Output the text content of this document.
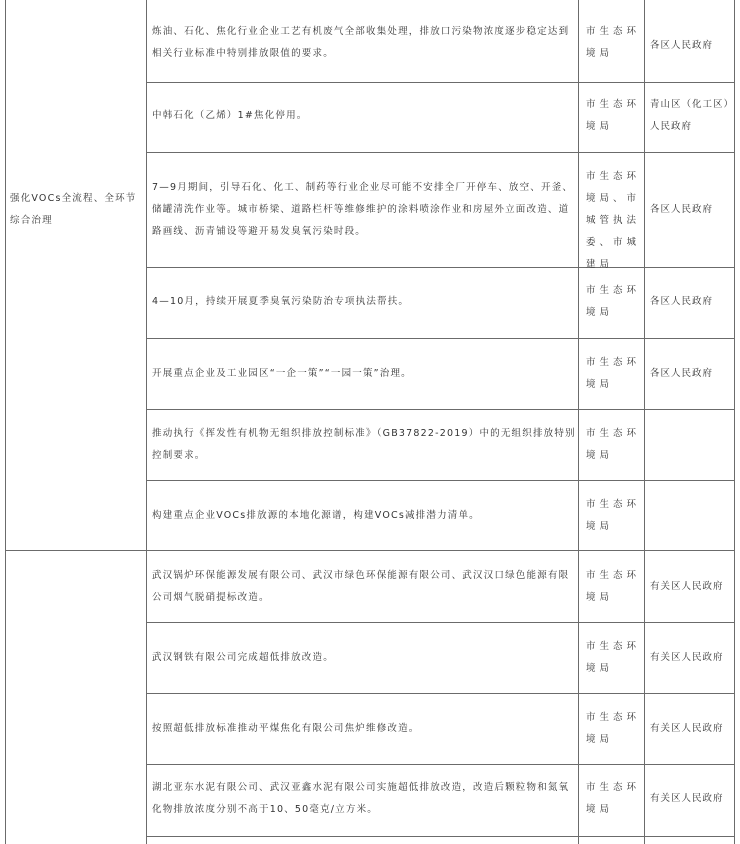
强化VOCs全流程、全环节综合治理
炼油、石化、焦化行业企业工艺有机废气全部收集处理，排放口污染物浓度逐步稳定达到相关行业标准中特别排放限值的要求。
市生态环境局
各区人民政府
中韩石化（乙烯）1#焦化停用。
市生态环境局
青山区（化工区）人民政府
7—9月期间，引导石化、化工、制药等行业企业尽可能不安排全厂开停车、放空、开釜、储罐清洗作业等。城市桥梁、道路栏杆等维修维护的涂料喷涂作业和房屋外立面改造、道路画线、沥青铺设等避开易发臭氧污染时段。
市生态环境局、市城管执法委、市城建局
各区人民政府
4—10月，持续开展夏季臭氧污染防治专项执法帮扶。
市生态环境局
各区人民政府
开展重点企业及工业园区“一企一策”“一园一策”治理。
市生态环境局
各区人民政府
推动执行《挥发性有机物无组织排放控制标准》（GB37822-2019）中的无组织排放特别控制要求。
市生态环境局
构建重点企业VOCs排放源的本地化源谱，构建VOCs减排潜力清单。
市生态环境局
武汉锅炉环保能源发展有限公司、武汉市绿色环保能源有限公司、武汉汉口绿色能源有限公司烟气脱硝提标改造。
市生态环境局
有关区人民政府
武汉钢铁有限公司完成超低排放改造。
市生态环境局
有关区人民政府
按照超低排放标准推动平煤焦化有限公司焦炉维修改造。
市生态环境局
有关区人民政府
湖北亚东水泥有限公司、武汉亚鑫水泥有限公司实施超低排放改造，改造后颗粒物和氮氧化物排放浓度分别不高于10、50毫克/立方米。
市生态环境局
有关区人民政府
